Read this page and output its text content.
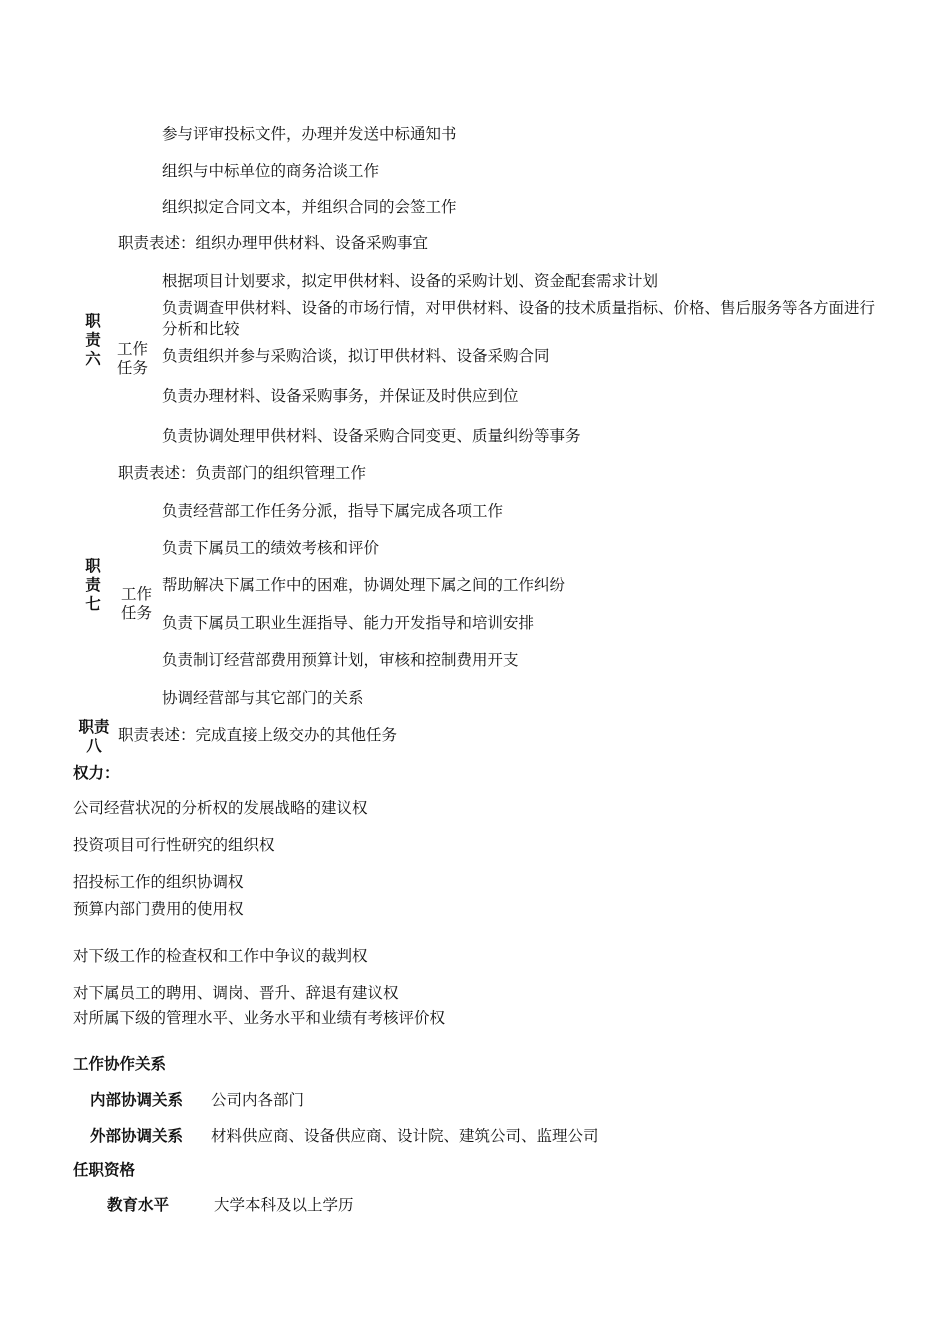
参与评审投标文件，办理并发送中标通知书
组织与中标单位的商务洽谈工作
组织拟定合同文本，并组织合同的会签工作
职
责
六
职责表述：组织办理甲供材料、设备采购事宜
工作
任务
根据项目计划要求，拟定甲供材料、设备的采购计划、资金配套需求计划
负责调查甲供材料、设备的市场行情，对甲供材料、设备的技术质量指标、价格、售后服务等各方面进行分析和比较
负责组织并参与采购洽谈，拟订甲供材料、设备采购合同
负责办理材料、设备采购事务，并保证及时供应到位
负责协调处理甲供材料、设备采购合同变更、质量纠纷等事务
职
责
七
职责表述：负责部门的组织管理工作
工作
任务
负责经营部工作任务分派，指导下属完成各项工作
负责下属员工的绩效考核和评价
帮助解决下属工作中的困难，协调处理下属之间的工作纠纷
负责下属员工职业生涯指导、能力开发指导和培训安排
负责制订经营部费用预算计划，审核和控制费用开支
协调经营部与其它部门的关系
职责
八
职责表述：完成直接上级交办的其他任务
权力：
公司经营状况的分析权的发展战略的建议权
投资项目可行性研究的组织权
招投标工作的组织协调权
预算内部门费用的使用权
对下级工作的检查权和工作中争议的裁判权
对下属员工的聘用、调岗、晋升、辞退有建议权
对所属下级的管理水平、业务水平和业绩有考核评价权
工作协作关系
内部协调关系 公司内各部门
外部协调关系 材料供应商、设备供应商、设计院、建筑公司、监理公司
任职资格
教育水平	大学本科及以上学历
